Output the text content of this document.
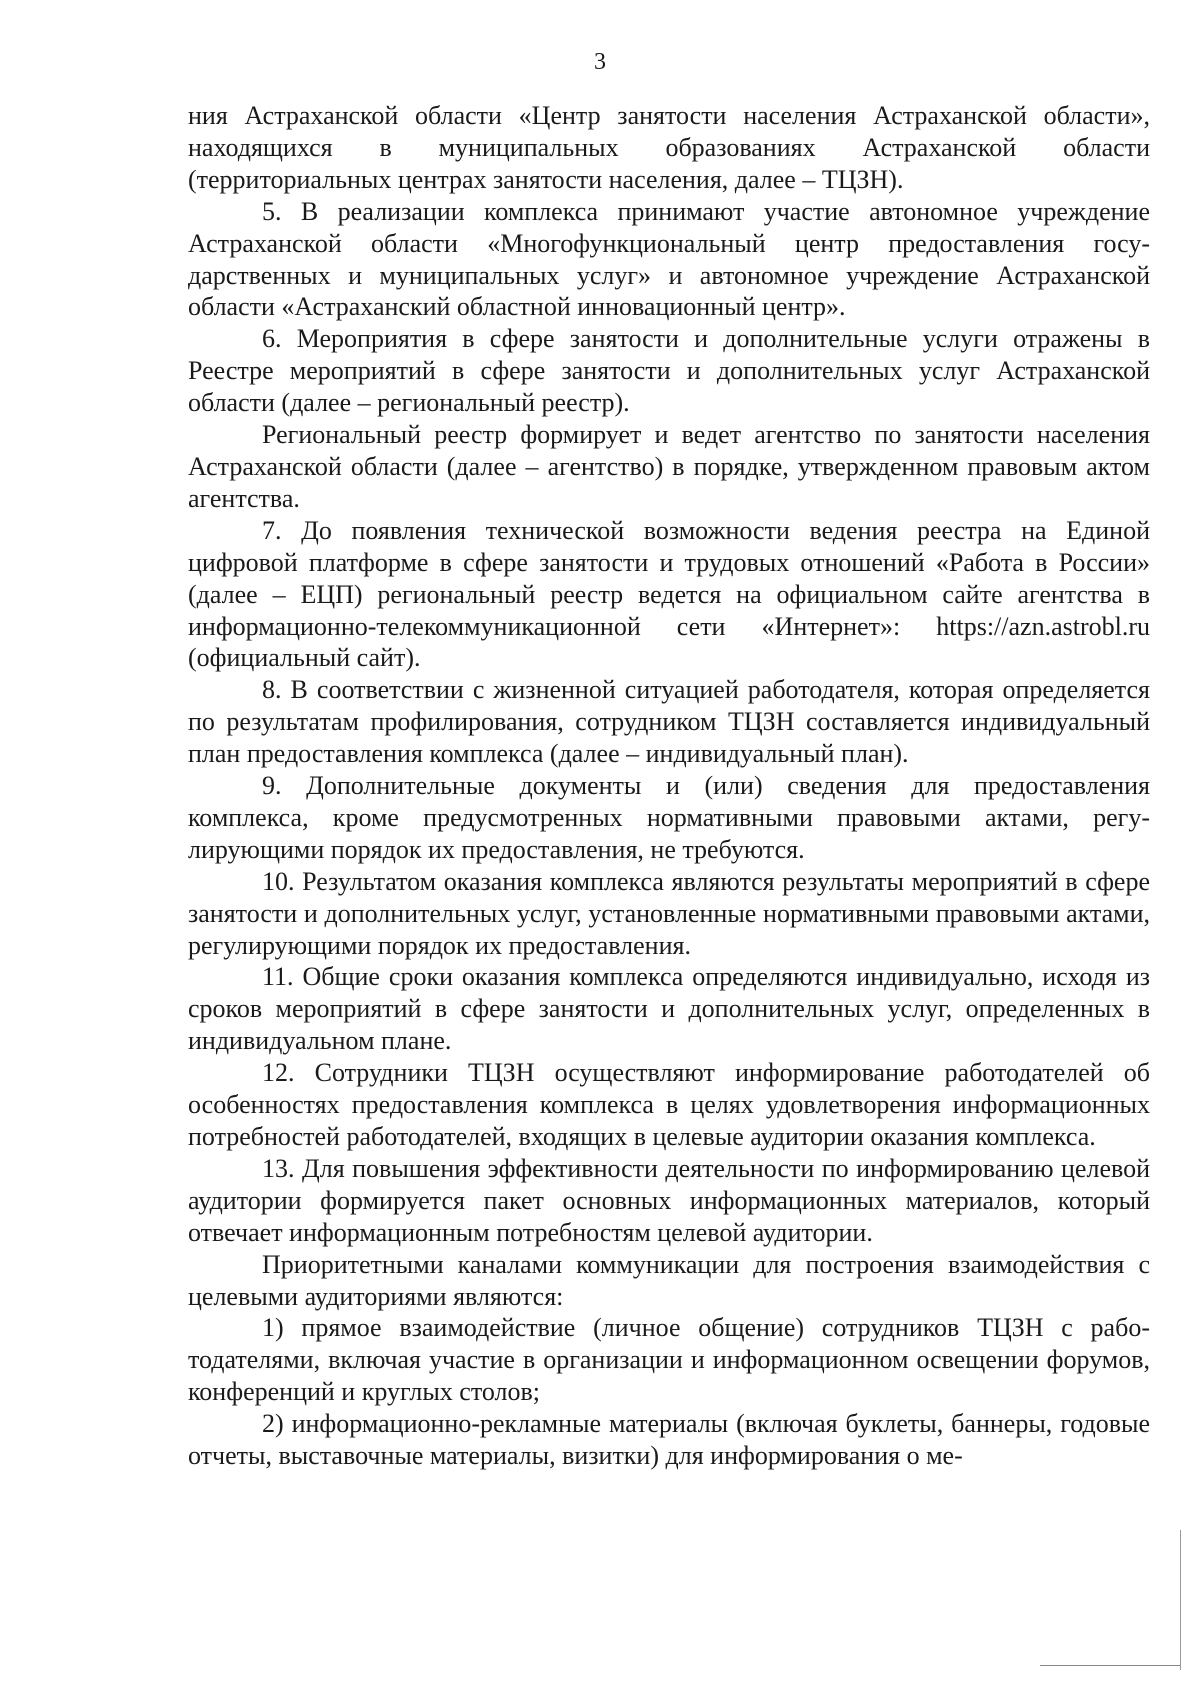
3

ния Астраханской области «Центр занятости населения Астраханской области», находящихся в муниципальных образованиях Астраханской области (территориальных центрах занятости населения, далее – ТЦЗН).

5. В реализации комплекса принимают участие автономное учреждение Астраханской области «Многофункциональный центр предоставления государственных и муниципальных услуг» и автономное учреждение Астраханской области «Астраханский областной инновационный центр».

6. Мероприятия в сфере занятости и дополнительные услуги отражены в Реестре мероприятий в сфере занятости и дополнительных услуг Астраханской области (далее – региональный реестр).

Региональный реестр формирует и ведет агентство по занятости населения Астраханской области (далее – агентство) в порядке, утвержденном правовым актом агентства.

7. До появления технической возможности ведения реестра на Единой цифровой платформе в сфере занятости и трудовых отношений «Работа в России» (далее – ЕЦП) региональный реестр ведется на официальном сайте агентства в информационно-телекоммуникационной сети «Интернет»: https://azn.astrobl.ru (официальный сайт).

8. В соответствии с жизненной ситуацией работодателя, которая определяется по результатам профилирования, сотрудником ТЦЗН составляется индивидуальный план предоставления комплекса (далее – индивидуальный план).

9. Дополнительные документы и (или) сведения для предоставления комплекса, кроме предусмотренных нормативными правовыми актами, регулирующими порядок их предоставления, не требуются.

10. Результатом оказания комплекса являются результаты мероприятий в сфере занятости и дополнительных услуг, установленные нормативными правовыми актами, регулирующими порядок их предоставления.

11. Общие сроки оказания комплекса определяются индивидуально, исходя из сроков мероприятий в сфере занятости и дополнительных услуг, определенных в индивидуальном плане.

12. Сотрудники ТЦЗН осуществляют информирование работодателей об особенностях предоставления комплекса в целях удовлетворения информационных потребностей работодателей, входящих в целевые аудитории оказания комплекса.

13. Для повышения эффективности деятельности по информированию целевой аудитории формируется пакет основных информационных материалов, который отвечает информационным потребностям целевой аудитории.

Приоритетными каналами коммуникации для построения взаимодействия с целевыми аудиториями являются:

1) прямое взаимодействие (личное общение) сотрудников ТЦЗН с работодателями, включая участие в организации и информационном освещении форумов, конференций и круглых столов;

2) информационно-рекламные материалы (включая буклеты, баннеры, годовые отчеты, выставочные материалы, визитки) для информирования о ме-
